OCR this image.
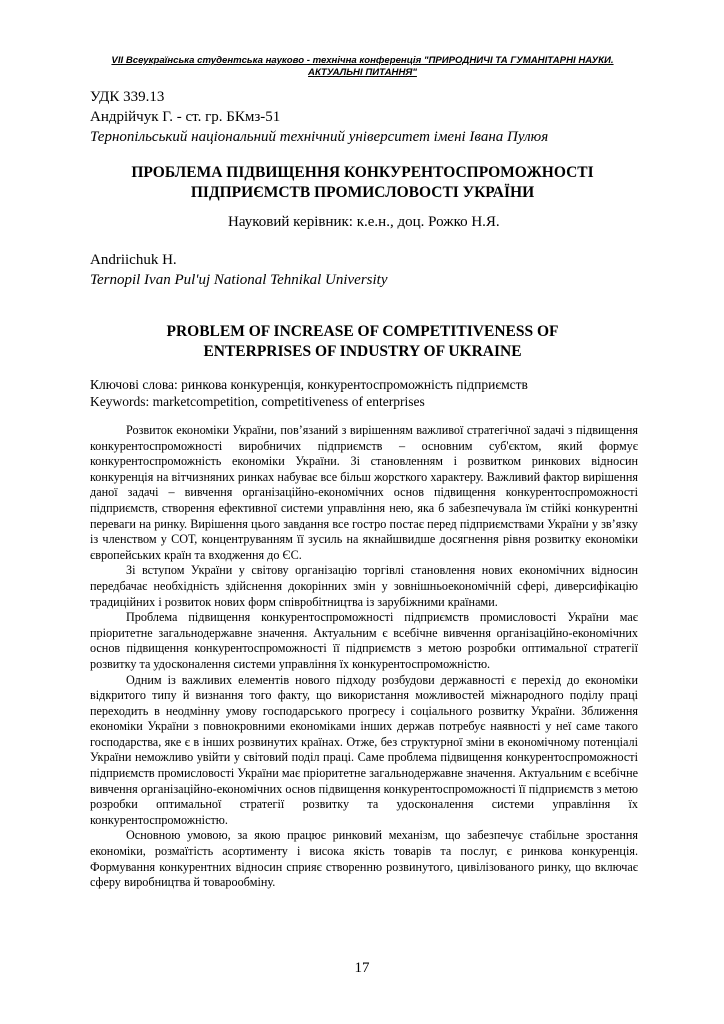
VII Всеукраїнська студентська науково - технічна конференція "ПРИРОДНИЧІ ТА ГУМАНІТАРНІ НАУКИ. АКТУАЛЬНІ ПИТАННЯ"
УДК 339.13
Андрійчук Г. - ст. гр. БКмз-51
Тернопільський національний технічний університет імені Івана Пулюя
ПРОБЛЕМА ПІДВИЩЕННЯ КОНКУРЕНТОСПРОМОЖНОСТІ
ПІДПРИЄМСТВ ПРОМИСЛОВОСТІ УКРАЇНИ
Науковий керівник: к.е.н., доц. Рожко Н.Я.
Andriichuk H.
Ternopil Ivan Pul'uj National Tehnikal University
PROBLEM OF INCREASE OF COMPETITIVENESS OF
ENTERPRISES OF INDUSTRY OF UKRAINE
Ключові слова: ринкова конкуренція, конкурентоспроможність підприємств
Keywords: marketcompetition, competitiveness of enterprises

Розвиток економіки України, пов’язаний з вирішенням важливої стратегічної задачі з підвищення конкурентоспроможності виробничих підприємств – основним суб'єктом, який формує конкурентоспроможність економіки України. Зі становленням і розвитком ринкових відносин конкуренція на вітчизняних ринках набуває все більш жорсткого характеру. Важливий фактор вирішення даної задачі – вивчення організаційно-економічних основ підвищення конкурентоспроможності підприємств, створення ефективної системи управління нею, яка б забезпечувала їм стійкі конкурентні переваги на ринку. Вирішення цього завдання все гостро постає перед підприємствами України у зв’язку із членством у СОТ, концентруванням її зусиль на якнайшвидше досягнення рівня розвитку економіки європейських країн та входження до ЄС.

Зі вступом України у світову організацію торгівлі становлення нових економічних відносин передбачає необхідність здійснення докорінних змін у зовнішньоекономічній сфері, диверсифікацію традиційних і розвиток нових форм співробітництва із зарубіжними країнами.

Проблема підвищення конкурентоспроможності підприємств промисловості України має пріоритетне загальнодержавне значення. Актуальним є всебічне вивчення організаційно-економічних основ підвищення конкурентоспроможності її підприємств з метою розробки оптимальної стратегії розвитку та удосконалення системи управління їх конкурентоспроможністю.

Одним із важливих елементів нового підходу розбудови державності є перехід до економіки відкритого типу й визнання того факту, що використання можливостей міжнародного поділу праці переходить в неодмінну умову господарського прогресу і соціального розвитку України. Зближення економіки України з повнокровними економіками інших держав потребує наявності у неї саме такого господарства, яке є в інших розвинутих країнах. Отже, без структурної зміни в економічному потенціалі України неможливо увійти у світовий поділ праці. Саме проблема підвищення конкурентоспроможності підприємств промисловості України має пріоритетне загальнодержавне значення. Актуальним є всебічне вивчення організаційно-економічних основ підвищення конкурентоспроможності її підприємств з метою розробки оптимальної стратегії розвитку та удосконалення системи управління їх конкурентоспроможністю.

Основною умовою, за якою працює ринковий механізм, що забезпечує стабільне зростання економіки, розмаїтість асортименту і висока якість товарів та послуг, є ринкова конкуренція. Формування конкурентних відносин сприяє створенню розвинутого, цивілізованого ринку, що включає сферу виробництва й товарообміну.

17
